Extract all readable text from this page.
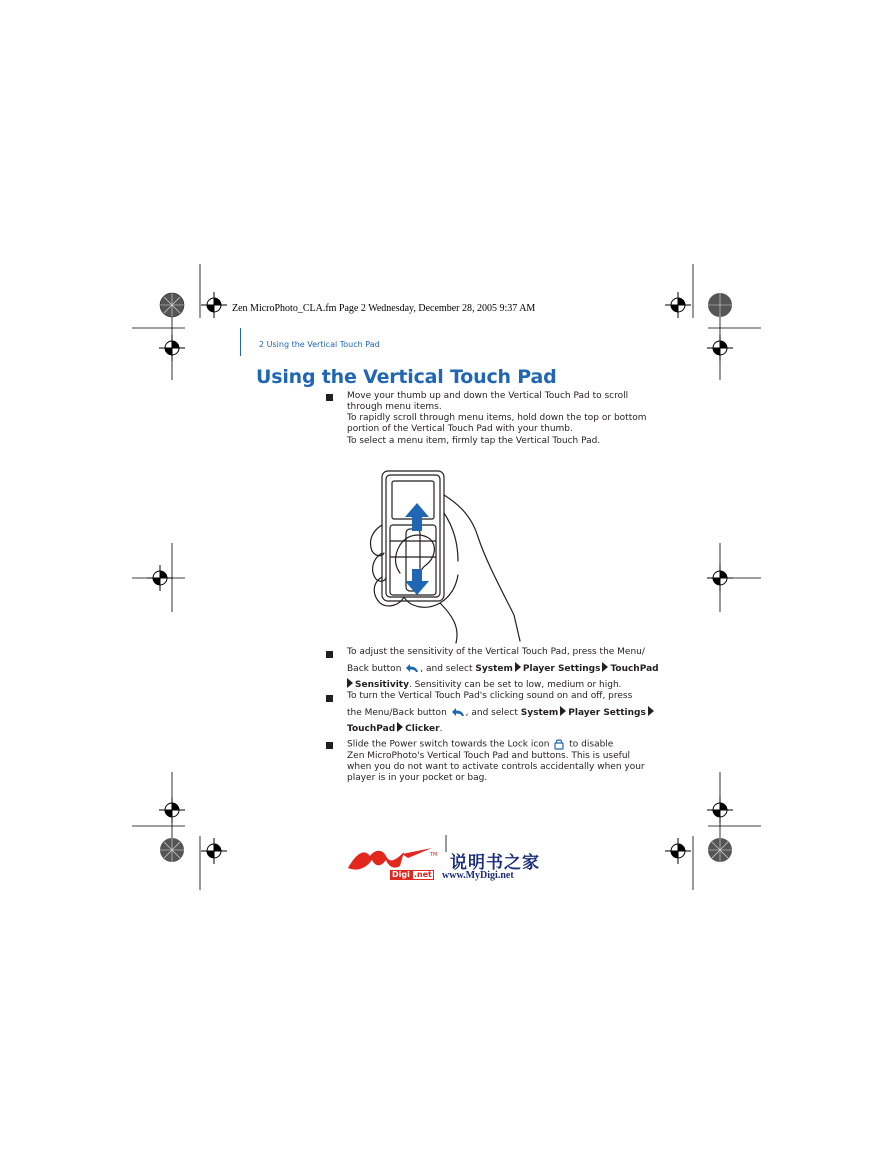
Zen MicroPhoto_CLA.fm Page 2 Wednesday, December 28, 2005 9:37 AM
2 Using the Vertical Touch Pad
Using the Vertical Touch Pad
Move your thumb up and down the Vertical Touch Pad to scroll
through menu items.
To rapidly scroll through menu items, hold down the top or bottom
portion of the Vertical Touch Pad with your thumb.
To select a menu item, firmly tap the Vertical Touch Pad.
To adjust the sensitivity of the Vertical Touch Pad, press the Menu/
Back button , and select System Player Settings TouchPad
Sensitivity. Sensitivity can be set to low, medium or high.
To turn the Vertical Touch Pad's clicking sound on and off, press
the Menu/Back button , and select System Player Settings
TouchPad Clicker.
Slide the Power switch towards the Lock icon to disable
Zen MicroPhoto's Vertical Touch Pad and buttons. This is useful
when you do not want to activate controls accidentally when your
player is in your pocket or bag.
TM
Digi .net
说明书之家
www.MyDigi.net
